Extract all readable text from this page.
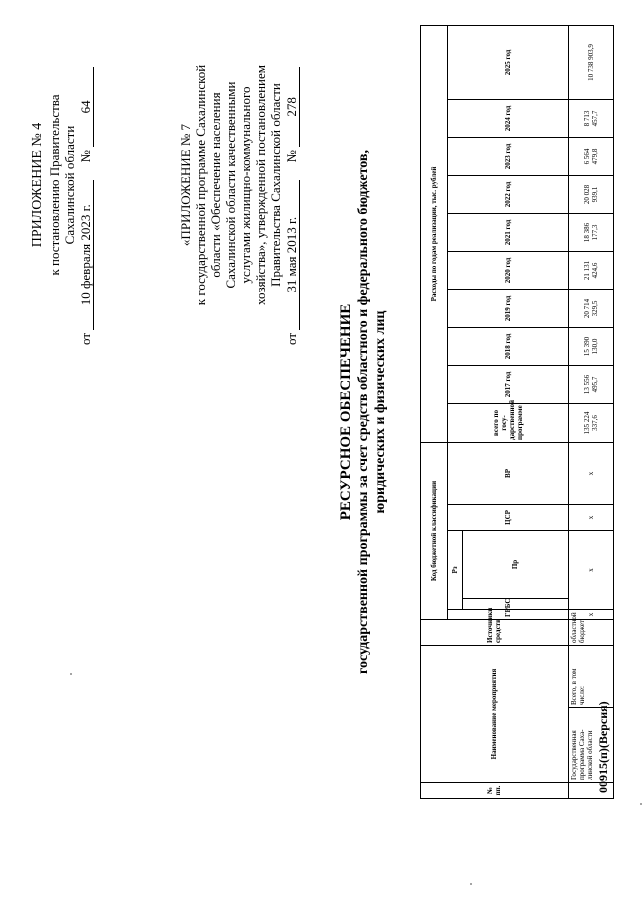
ПРИЛОЖЕНИЕ № 4 к постановлению Правительства Сахалинской области
от 10 февраля 2023 г. № 64
«ПРИЛОЖЕНИЕ № 7 к государственной программе Сахалинской области «Обеспечение населения Сахалинской области качественными услугами жилищно-коммунального хозяйства», утвержденной постановлением Правительства Сахалинской области
от 31 мая 2013 г. № 278
РЕСУРСНОЕ ОБЕСПЕЧЕНИЕ государственной программы за счет средств областного и федерального бюджетов, юридических и физических лиц
№ пп.	Наименование мероприятия		Источники средств	Код бюджетной классификации					Расходы по годам реализации, тыс. рублей									
				ГРБС	Рз		ЦСР	ВР	всего по госу-дарственной программе	2017 год	2018 год	2019 год	2020 год	2021 год	2022 год	2023 год	2024 год	2025 год
						Пр												
	Государственная программа Саха-линской области	Всего, в том числе:	областной бюджет	x	x		x	x	135 224 337,6	13 556 495,7	15 390 130,0	20 714 329,5	21 131 424,6	18 386 177,3	20 028 939,1	6 564 479,8	8 713 457,7	10 738 903,9
00915(п)(Версия)
